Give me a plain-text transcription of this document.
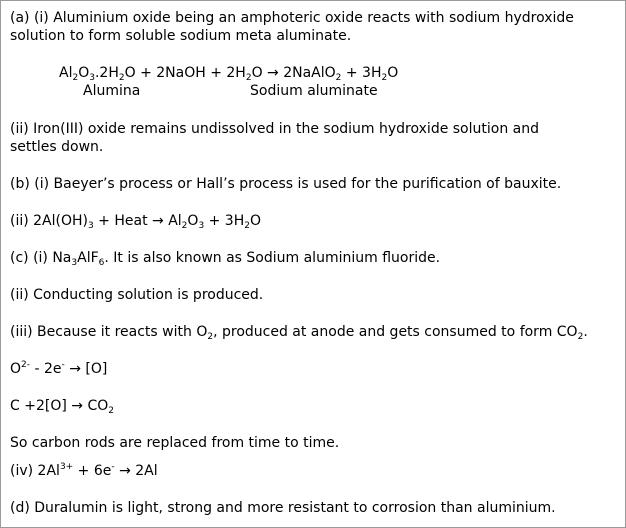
(a) (i) Aluminium oxide being an amphoteric oxide reacts with sodium hydroxide
solution to form soluble sodium meta aluminate.
$Al_2O_3.2H_2O$ + 2NaOH + $2H_2O$ → 2NaAlO$_2$ + $3H_2O$
Alumina	Sodium aluminate
(ii) Iron(III) oxide remains undissolved in the sodium hydroxide solution and
settles down.
(b) (i) Baeyer’s process or Hall’s process is used for the purification of bauxite.
(ii) $2Al(OH)_3$ + Heat → $Al_2O_3 + 3H_2O$
(c) (i) $Na_3AlF_6$. It is also known as Sodium aluminium fluoride.
(ii) Conducting solution is produced.
(iii) Because it reacts with $O_2$, produced at anode and gets consumed to form $CO_2$.
$O^{2-} - 2e^- \to [O]$
$C +2[O] \to CO_2$
So carbon rods are replaced from time to time.
(iv) $2Al^{3+} + 6e^- \to 2Al$
(d) Duralumin is light, strong and more resistant to corrosion than aluminium.
